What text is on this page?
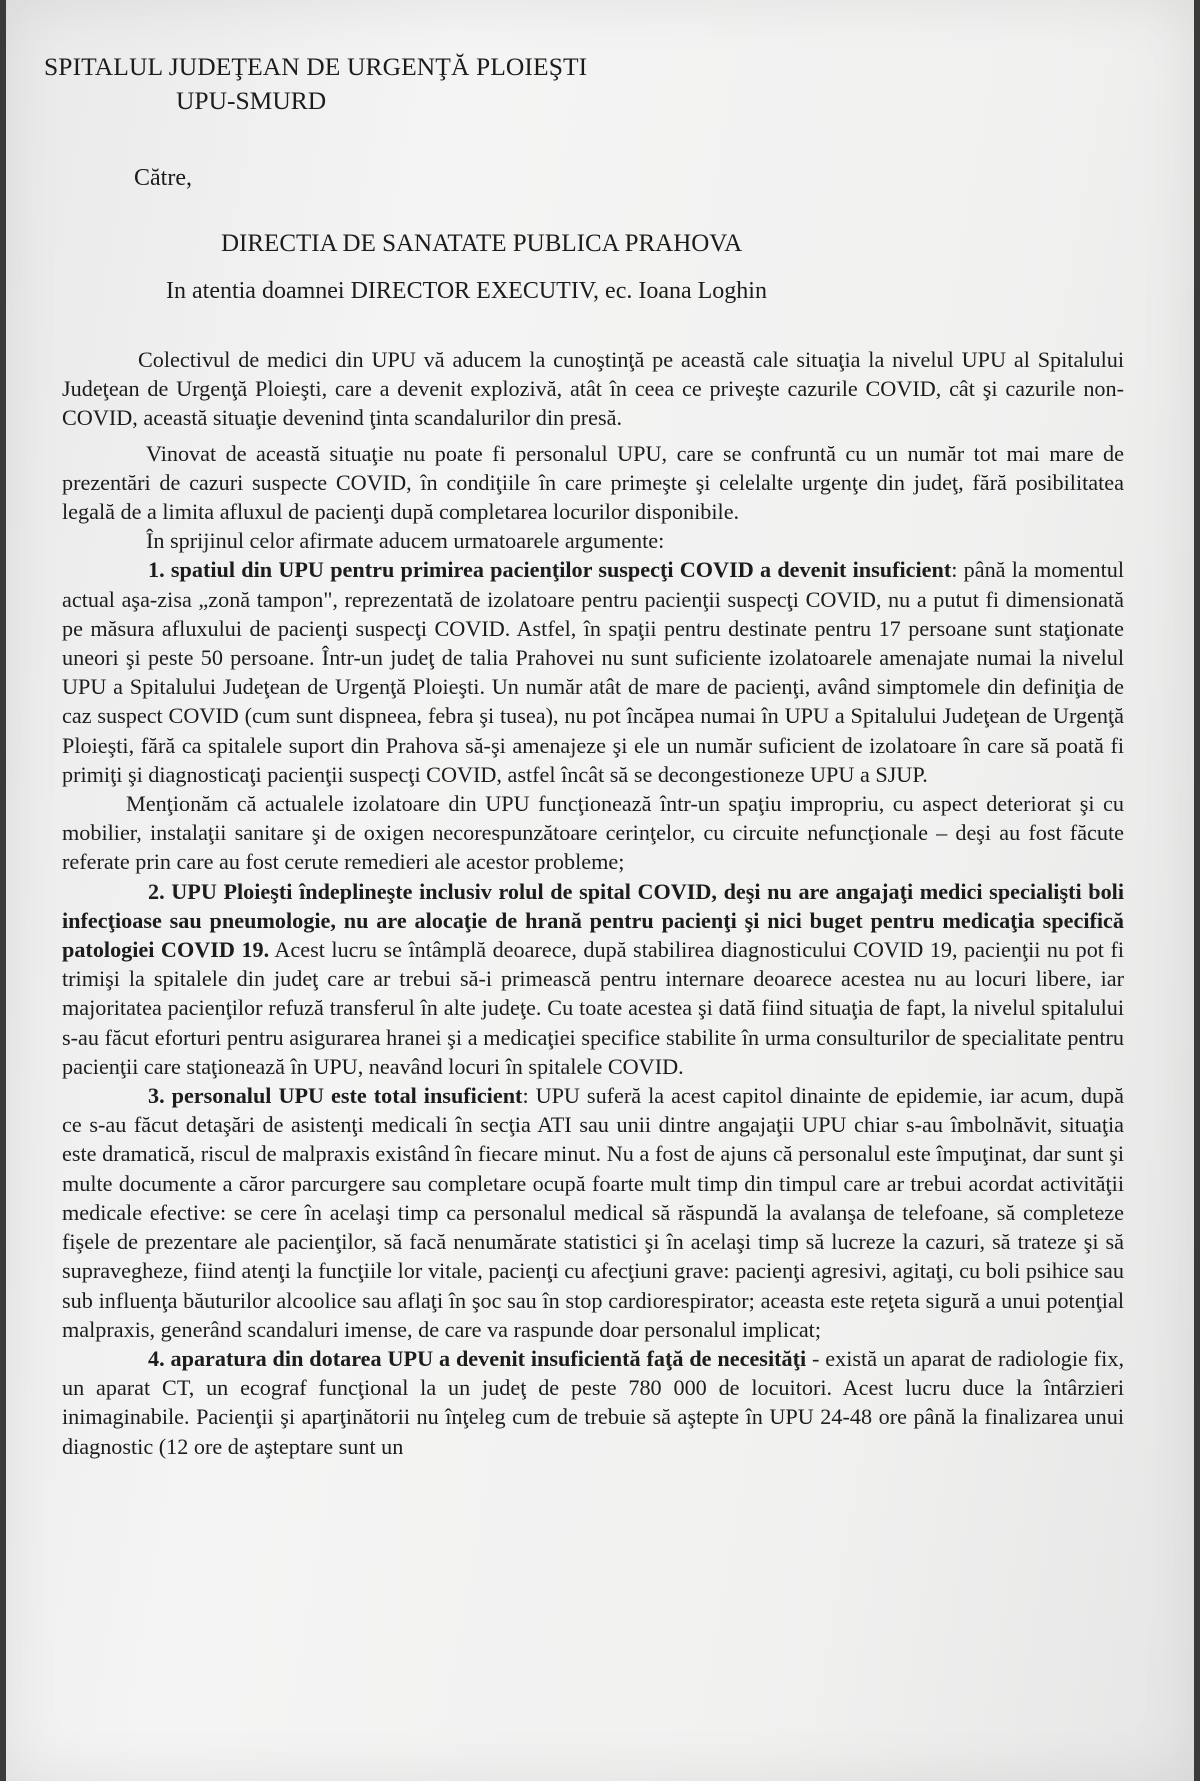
SPITALUL JUDEŢEAN DE URGENŢĂ PLOIEŞTI
UPU-SMURD
Către,
DIRECTIA DE SANATATE PUBLICA PRAHOVA
In atentia doamnei DIRECTOR EXECUTIV, ec. Ioana Loghin

Colectivul de medici din UPU vă aducem la cunoştinţă pe această cale situaţia la nivelul UPU al Spitalului Judeţean de Urgenţă Ploieşti, care a devenit explozivă, atât în ceea ce priveşte cazurile COVID, cât şi cazurile non-COVID, această situaţie devenind ţinta scandalurilor din presă.

Vinovat de această situaţie nu poate fi personalul UPU, care se confruntă cu un număr tot mai mare de prezentări de cazuri suspecte COVID, în condiţiile în care primeşte şi celelalte urgenţe din judeţ, fără posibilitatea legală de a limita afluxul de pacienţi după completarea locurilor disponibile.

În sprijinul celor afirmate aducem urmatoarele argumente:

1. spatiul din UPU pentru primirea pacienţilor suspecţi COVID a devenit insuficient: până la momentul actual aşa-zisa „zonă tampon", reprezentată de izolatoare pentru pacienţii suspecţi COVID, nu a putut fi dimensionată pe măsura afluxului de pacienţi suspecţi COVID. Astfel, în spaţii pentru destinate pentru 17 persoane sunt staţionate uneori şi peste 50 persoane. Într-un judeţ de talia Prahovei nu sunt suficiente izolatoarele amenajate numai la nivelul UPU a Spitalului Judeţean de Urgenţă Ploieşti. Un număr atât de mare de pacienţi, având simptomele din definiţia de caz suspect COVID (cum sunt dispneea, febra şi tusea), nu pot încăpea numai în UPU a Spitalului Judeţean de Urgenţă Ploieşti, fără ca spitalele suport din Prahova să-şi amenajeze şi ele un număr suficient de izolatoare în care să poată fi primiţi şi diagnosticaţi pacienţii suspecţi COVID, astfel încât să se decongestioneze UPU a SJUP.

Menţionăm că actualele izolatoare din UPU funcţionează într-un spaţiu impropriu, cu aspect deteriorat şi cu mobilier, instalaţii sanitare şi de oxigen necorespunzătoare cerinţelor, cu circuite nefuncţionale – deşi au fost făcute referate prin care au fost cerute remedieri ale acestor probleme;

2. UPU Ploieşti îndeplineşte inclusiv rolul de spital COVID, deşi nu are angajaţi medici specialişti boli infecţioase sau pneumologie, nu are alocaţie de hrană pentru pacienţi şi nici buget pentru medicaţia specifică patologiei COVID 19. Acest lucru se întâmplă deoarece, după stabilirea diagnosticului COVID 19, pacienţii nu pot fi trimişi la spitalele din judeţ care ar trebui să-i primească pentru internare deoarece acestea nu au locuri libere, iar majoritatea pacienţilor refuză transferul în alte judeţe. Cu toate acestea şi dată fiind situaţia de fapt, la nivelul spitalului s-au făcut eforturi pentru asigurarea hranei şi a medicaţiei specifice stabilite în urma consulturilor de specialitate pentru pacienţii care staţionează în UPU, neavând locuri în spitalele COVID.

3. personalul UPU este total insuficient: UPU suferă la acest capitol dinainte de epidemie, iar acum, după ce s-au făcut detaşări de asistenţi medicali în secţia ATI sau unii dintre angajaţii UPU chiar s-au îmbolnăvit, situaţia este dramatică, riscul de malpraxis existând în fiecare minut. Nu a fost de ajuns că personalul este împuţinat, dar sunt şi multe documente a căror parcurgere sau completare ocupă foarte mult timp din timpul care ar trebui acordat activităţii medicale efective: se cere în acelaşi timp ca personalul medical să răspundă la avalanşa de telefoane, să completeze fişele de prezentare ale pacienţilor, să facă nenumărate statistici şi în acelaşi timp să lucreze la cazuri, să trateze şi să supravegheze, fiind atenţi la funcţiile lor vitale, pacienţi cu afecţiuni grave: pacienţi agresivi, agitaţi, cu boli psihice sau sub influenţa băuturilor alcoolice sau aflaţi în şoc sau în stop cardiorespirator; aceasta este reţeta sigură a unui potenţial malpraxis, generând scandaluri imense, de care va raspunde doar personalul implicat;

4. aparatura din dotarea UPU a devenit insuficientă faţă de necesităţi - există un aparat de radiologie fix, un aparat CT, un ecograf funcţional la un judeţ de peste 780 000 de locuitori. Acest lucru duce la întârzieri inimaginabile. Pacienţii şi aparţinătorii nu înţeleg cum de trebuie să aştepte în UPU 24-48 ore până la finalizarea unui diagnostic (12 ore de aşteptare sunt un
